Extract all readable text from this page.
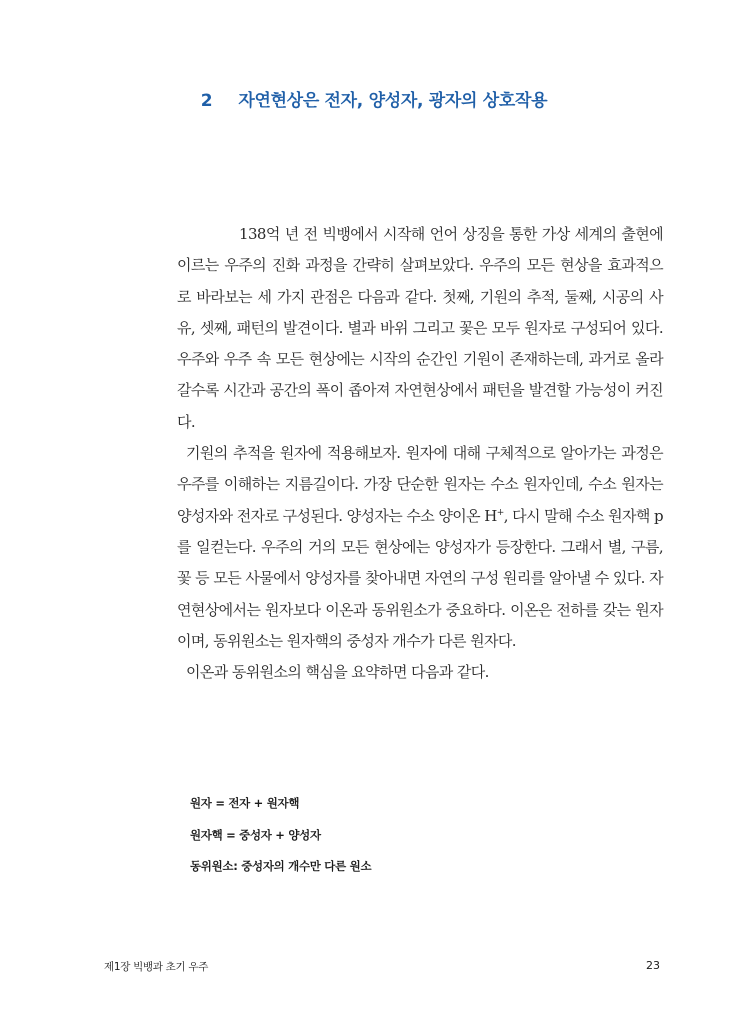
2 자연현상은 전자, 양성자, 광자의 상호작용

138억 년 전 빅뱅에서 시작해 언어 상징을 통한 가상 세계의 출현에 이르는 우주의 진화 과정을 간략히 살펴보았다. 우주의 모든 현상을 효과적으로 바라보는 세 가지 관점은 다음과 같다. 첫째, 기원의 추적, 둘째, 시공의 사유, 셋째, 패턴의 발견이다. 별과 바위 그리고 꽃은 모두 원자로 구성되어 있다. 우주와 우주 속 모든 현상에는 시작의 순간인 기원이 존재하는데, 과거로 올라갈수록 시간과 공간의 폭이 좁아져 자연현상에서 패턴을 발견할 가능성이 커진다.

기원의 추적을 원자에 적용해보자. 원자에 대해 구체적으로 알아가는 과정은 우주를 이해하는 지름길이다. 가장 단순한 원자는 수소 원자인데, 수소 원자는 양성자와 전자로 구성된다. 양성자는 수소 양이온 H+, 다시 말해 수소 원자핵 p를 일컫는다. 우주의 거의 모든 현상에는 양성자가 등장한다. 그래서 별, 구름, 꽃 등 모든 사물에서 양성자를 찾아내면 자연의 구성 원리를 알아낼 수 있다. 자연현상에서는 원자보다 이온과 동위원소가 중요하다. 이온은 전하를 갖는 원자이며, 동위원소는 원자핵의 중성자 개수가 다른 원자다.

이온과 동위원소의 핵심을 요약하면 다음과 같다.

원자 = 전자 + 원자핵
원자핵 = 중성자 + 양성자
동위원소: 중성자의 개수만 다른 원소
제1장 빅뱅과 초기 우주	23
